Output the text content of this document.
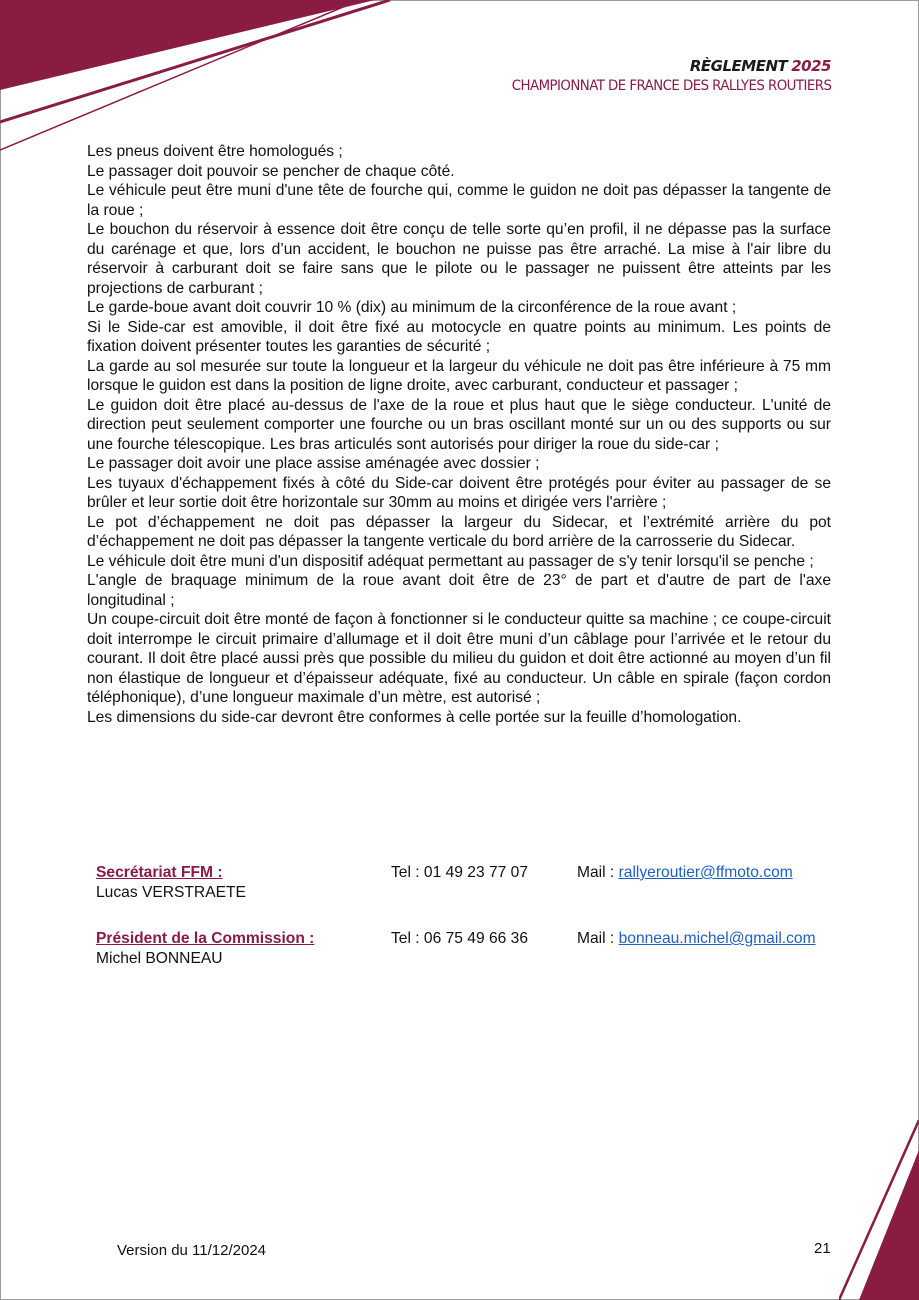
RÈGLEMENT 2025
CHAMPIONNAT DE FRANCE DES RALLYES ROUTIERS

Les pneus doivent être homologués ;

Le passager doit pouvoir se pencher de chaque côté.

Le véhicule peut être muni d'une tête de fourche qui, comme le guidon ne doit pas dépasser la tangente de la roue ;

Le bouchon du réservoir à essence doit être conçu de telle sorte qu’en profil, il ne dépasse pas la surface du carénage et que, lors d’un accident, le bouchon ne puisse pas être arraché. La mise à l'air libre du réservoir à carburant doit se faire sans que le pilote ou le passager ne puissent être atteints par les projections de carburant ;

Le garde-boue avant doit couvrir 10 % (dix) au minimum de la circonférence de la roue avant ;

Si le Side-car est amovible, il doit être fixé au motocycle en quatre points au minimum. Les points de fixation doivent présenter toutes les garanties de sécurité ;

La garde au sol mesurée sur toute la longueur et la largeur du véhicule ne doit pas être inférieure à 75 mm lorsque le guidon est dans la position de ligne droite, avec carburant, conducteur et passager ;

Le guidon doit être placé au-dessus de l'axe de la roue et plus haut que le siège conducteur. L'unité de direction peut seulement comporter une fourche ou un bras oscillant monté sur un ou des supports ou sur une fourche télescopique. Les bras articulés sont autorisés pour diriger la roue du side-car ;

Le passager doit avoir une place assise aménagée avec dossier ;

Les tuyaux d'échappement fixés à côté du Side-car doivent être protégés pour éviter au passager de se brûler et leur sortie doit être horizontale sur 30mm au moins et dirigée vers l'arrière ;

Le pot d’échappement ne doit pas dépasser la largeur du Sidecar, et l’extrémité arrière du pot d’échappement ne doit pas dépasser la tangente verticale du bord arrière de la carrosserie du Sidecar.

Le véhicule doit être muni d'un dispositif adéquat permettant au passager de s'y tenir lorsqu'il se penche ;

L'angle de braquage minimum de la roue avant doit être de 23° de part et d'autre de part de l'axe longitudinal ;

Un coupe-circuit doit être monté de façon à fonctionner si le conducteur quitte sa machine ; ce coupe-circuit doit interrompe le circuit primaire d’allumage et il doit être muni d’un câblage pour l’arrivée et le retour du courant. Il doit être placé aussi près que possible du milieu du guidon et doit être actionné au moyen d’un fil non élastique de longueur et d’épaisseur adéquate, fixé au conducteur. Un câble en spirale (façon cordon téléphonique), d’une longueur maximale d’un mètre, est autorisé ;

Les dimensions du side-car devront être conformes à celle portée sur la feuille d’homologation.

Secrétariat FFM :
Lucas VERSTRAETE
Tel : 01 49 23 77 07	Mail : rallyeroutier@ffmoto.com
Président de la Commission :
Michel BONNEAU
Tel : 06 75 49 66 36	Mail : bonneau.michel@gmail.com
Version du 11/12/2024	21
